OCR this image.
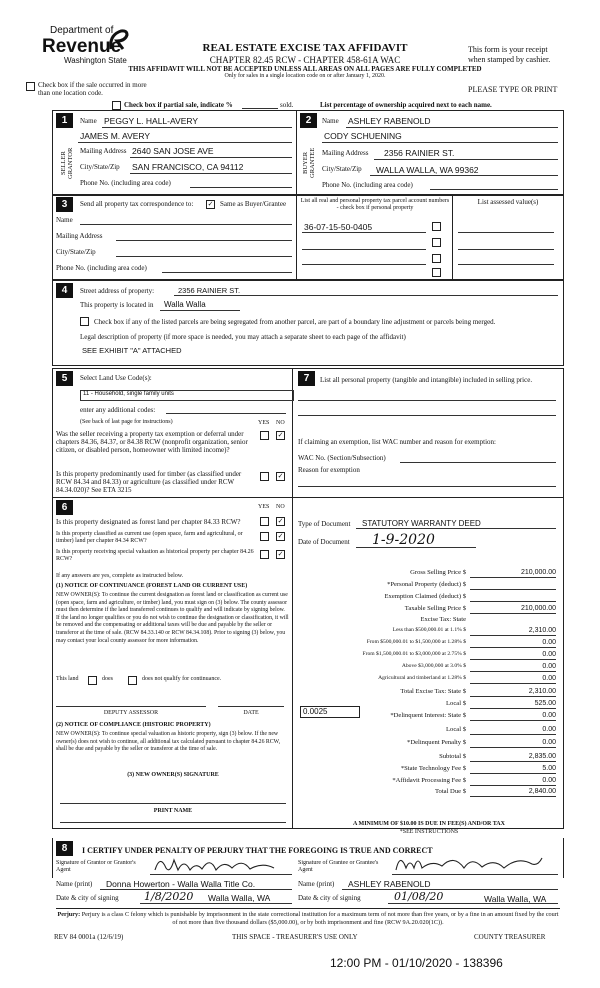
Department of
Revenue
Washington State
REAL ESTATE EXCISE TAX AFFIDAVIT
CHAPTER 82.45 RCW - CHAPTER 458-61A WAC
THIS AFFIDAVIT WILL NOT BE ACCEPTED UNLESS ALL AREAS ON ALL PAGES ARE FULLY COMPLETED
Only for sales in a single location code on or after January 1, 2020.
This form is your receipt
when stamped by cashier.
PLEASE TYPE OR PRINT
Check box if the sale occurred in more than one location code.
Check box if partial sale, indicate %	sold.	List percentage of ownership acquired next to each name.
1	2
SELLER GRANTOR	BUYER GRANTEE
Name PEGGY L. HALL-AVERY
JAMES M. AVERY
Mailing Address 2640 SAN JOSE AVE
City/State/Zip SAN FRANCISCO, CA 94112
Phone No. (including area code)
Name ASHLEY RABENOLD
CODY SCHUENING
Mailing Address 2356 RAINIER ST.
City/State/Zip WALLA WALLA, WA 99362
Phone No. (including area code)
3	Send all property tax correspondence to: ✓ Same as Buyer/Grantee
Name
Mailing Address
City/State/Zip
Phone No. (including area code)
List all real and personal property tax parcel account numbers - check box if personal property
List assessed value(s)
36-07-15-50-0405
4	Street address of property:	2356 RAINIER ST.
This property is located in Walla Walla
Check box if any of the listed parcels are being segregated from another parcel, are part of a boundary line adjustment or parcels being merged.
Legal description of property (if more space is needed, you may attach a separate sheet to each page of the affidavit)
SEE EXHIBIT "A" ATTACHED
5	Select Land Use Code(s):
11 - Household, single family units
enter any additional codes:
(See back of last page for instructions)	YES NO
Was the seller receiving a property tax exemption or deferral under chapters 84.36, 84.37, or 84.38 RCW (nonprofit organization, senior citizen, or disabled person, homeowner with limited income)?
✓
Is this property predominantly used for timber (as classified under RCW 84.34 and 84.33) or agriculture (as classified under RCW 84.34.020)? See ETA 3215
✓
7	List all personal property (tangible and intangible) included in selling price.
If claiming an exemption, list WAC number and reason for exemption:
WAC No. (Section/Subsection)
Reason for exemption
6	YES NO
Is this property designated as forest land per chapter 84.33 RCW?	✓
Is this property classified as current use (open space, farm and agricultural, or timber) land per chapter 84.34 RCW?
✓
Is this property receiving special valuation as historical property per chapter 84.26 RCW?
✓
If any answers are yes, complete as instructed below.
(1) NOTICE OF CONTINUANCE (FOREST LAND OR CURRENT USE)
NEW OWNER(S): To continue the current designation as forest land or classification as current use (open space, farm and agriculture, or timber) land, you must sign on (3) below. The county assessor must then determine if the land transferred continues to qualify and will indicate by signing below. If the land no longer qualifies or you do not wish to continue the designation or classification, it will be removed and the compensating or additional taxes will be due and payable by the seller or transferor at the time of sale. (RCW 84.33.140 or RCW 84.34.108). Prior to signing (3) below, you may contact your local county assessor for more information.
This land	does	does not qualify for continuance.
DEPUTY ASSESSOR	DATE
(2) NOTICE OF COMPLIANCE (HISTORIC PROPERTY)
NEW OWNER(S): To continue special valuation as historic property, sign (3) below. If the new owner(s) does not wish to continue, all additional tax calculated pursuant to chapter 84.26 RCW, shall be due and payable by the seller or transferor at the time of sale.
(3) NEW OWNER(S) SIGNATURE
PRINT NAME
Type of Document STATUTORY WARRANTY DEED
Date of Document 1-9-2020
Gross Selling Price $	210,000.00
*Personal Property (deduct) $
Exemption Claimed (deduct) $
Taxable Selling Price $	210,000.00
Excise Tax: State
Less than $500,000.01 at 1.1% $	2,310.00
From $500,000.01 to $1,500,000 at 1.28% $	0.00
From $1,500,000.01 to $3,000,000 at 2.75% $	0.00
Above $3,000,000 at 3.0% $	0.00
Agricultural and timberland at 1.28% $	0.00
Total Excise Tax: State $	2,310.00
Local $	525.00
*Delinquent Interest: State $	0.00
Local $	0.00
*Delinquent Penalty $	0.00
Subtotal $	2,835.00
*State Technology Fee $	5.00
*Affidavit Processing Fee $	0.00
Total Due $	2,840.00
0.0025
A MINIMUM OF $10.00 IS DUE IN FEE(S) AND/OR TAX
*SEE INSTRUCTIONS
8	I CERTIFY UNDER PENALTY OF PERJURY THAT THE FOREGOING IS TRUE AND CORRECT
Signature of Grantor or Grantor's Agent
Signature of Grantee or Grantee's Agent
Name (print) Donna Howerton - Walla Walla Title Co.	Name (print) ASHLEY RABENOLD
Date & city of signing 1/8/2020 Walla Walla, WA	Date & city of signing	01/08/20	Walla Walla, WA
Perjury: Perjury is a class C felony which is punishable by imprisonment in the state correctional institution for a maximum term of not more than five years, or by a fine in an amount fixed by the court of not more than five thousand dollars ($5,000.00), or by both imprisonment and fine (RCW 9A.20.020(1C)).
REV 84 0001a (12/6/19)	THIS SPACE - TREASURER'S USE ONLY	COUNTY TREASURER
12:00 PM - 01/10/2020 - 138396
